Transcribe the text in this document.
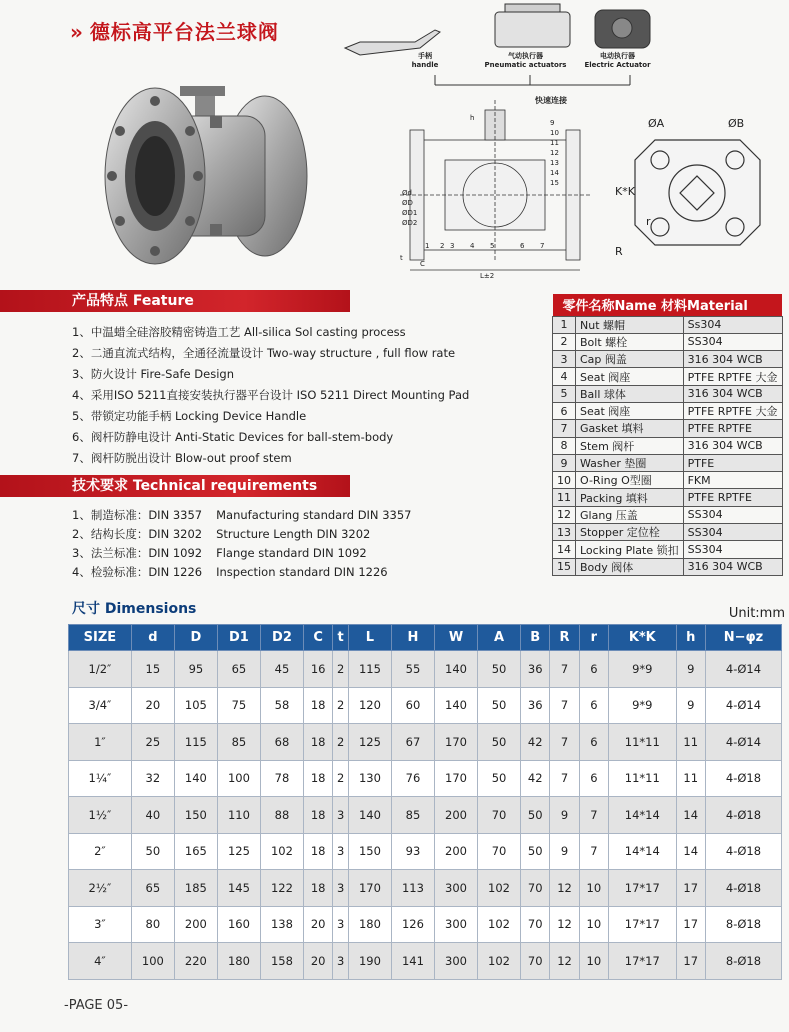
» 德标高平台法兰球阀
手柄
handle
气动执行器
Pneumatic actuators
电动执行器
Electric Actuator
快速连接
L±2
t
C
h
Ød
ØD
ØD1
ØD2
1 2 3 4 5	6 7
9
10
11
12
13
14
15
ØA	ØB
K*K
r
R
产品特点 Feature
1、中温蜡全硅溶胶精密铸造工艺 All-silica Sol casting process
2、二通直流式结构，全通径流量设计 Two-way structure , full flow rate
3、防火设计 Fire-Safe Design
4、采用ISO 5211直接安装执行器平台设计 ISO 5211 Direct Mounting Pad
5、带锁定功能手柄 Locking Device Handle
6、阀杆防静电设计 Anti-Static Devices for ball-stem-body
7、阀杆防脱出设计 Blow-out proof stem
技术要求 Technical requirements
1、制造标准：DIN 3357 Manufacturing standard DIN 3357
2、结构长度：DIN 3202 Structure Length DIN 3202
3、法兰标准：DIN 1092 Flange standard DIN 1092
4、检验标准：DIN 1226 Inspection standard DIN 1226
零件名称Name 材料Material		
1	Nut 螺帽	Ss304
2	Bolt 螺栓	SS304
3	Cap 阀盖	316 304 WCB
4	Seat 阀座	PTFE RPTFE 大金
5	Ball 球体	316 304 WCB
6	Seat 阀座	PTFE RPTFE 大金
7	Gasket 填料	PTFE RPTFE
8	Stem 阀杆	316 304 WCB
9	Washer 垫圈	PTFE
10	O-Ring O型圈	FKM
11	Packing 填料	PTFE RPTFE
12	Glang 压盖	SS304
13	Stopper 定位栓	SS304
14	Locking Plate 锁扣	SS304
15	Body 阀体	316 304 WCB
尺寸 Dimensions	Unit:mm
SIZE	d	D	D1	D2	C	t	L	H	W	A	B	R	r	K*K	h	N−φz
1/2″	15	95	65	45	16	2	115	55	140	50	36	7	6	9*9	9	4-Ø14
3/4″	20	105	75	58	18	2	120	60	140	50	36	7	6	9*9	9	4-Ø14
1″	25	115	85	68	18	2	125	67	170	50	42	7	6	11*11	11	4-Ø14
1¼″	32	140	100	78	18	2	130	76	170	50	42	7	6	11*11	11	4-Ø18
1½″	40	150	110	88	18	3	140	85	200	70	50	9	7	14*14	14	4-Ø18
2″	50	165	125	102	18	3	150	93	200	70	50	9	7	14*14	14	4-Ø18
2½″	65	185	145	122	18	3	170	113	300	102	70	12	10	17*17	17	4-Ø18
3″	80	200	160	138	20	3	180	126	300	102	70	12	10	17*17	17	8-Ø18
4″	100	220	180	158	20	3	190	141	300	102	70	12	10	17*17	17	8-Ø18
-PAGE 05-
